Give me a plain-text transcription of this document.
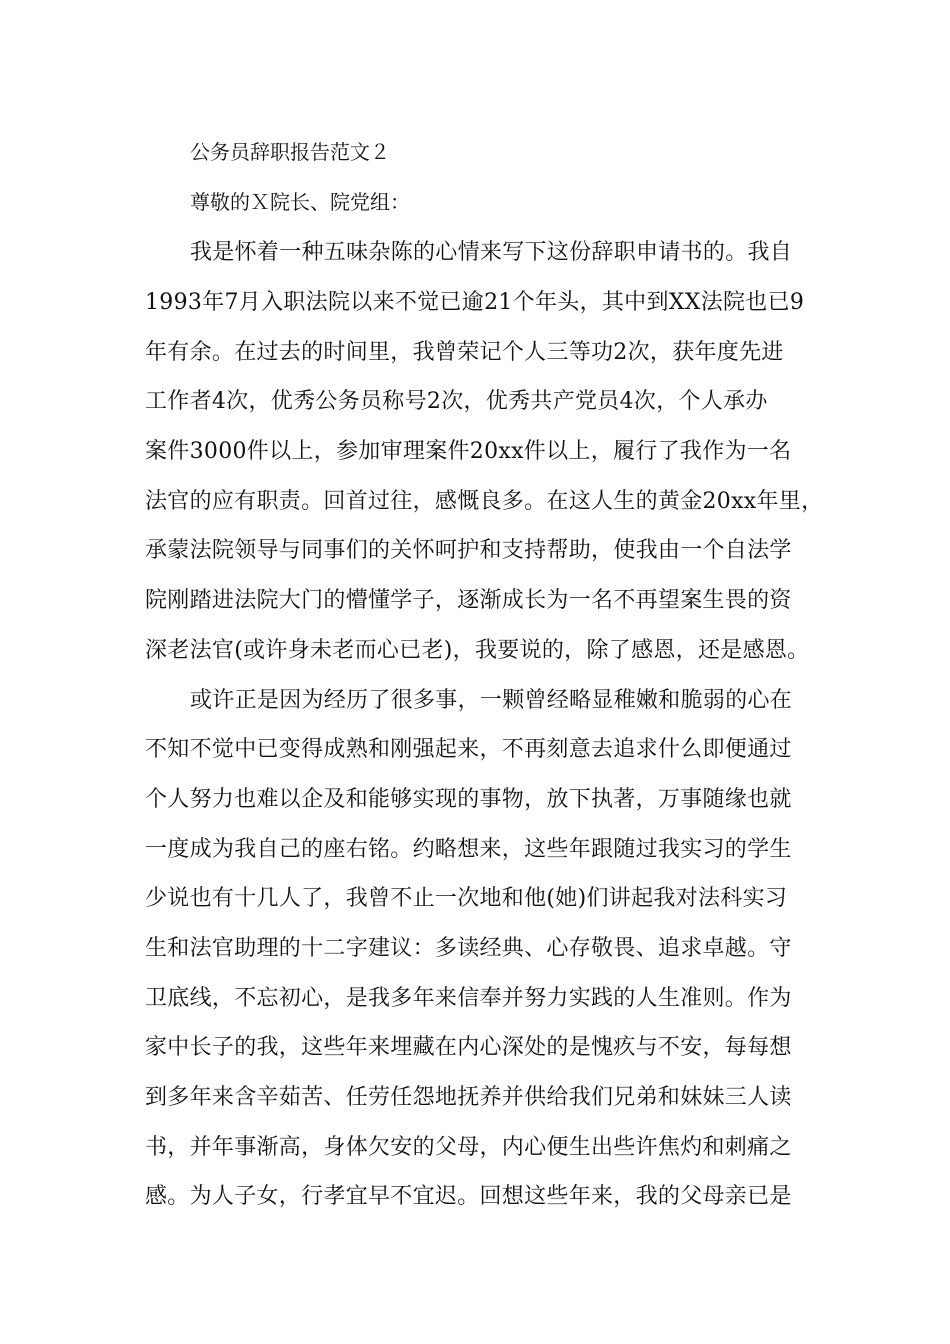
公务员辞职报告范文２
尊敬的Ｘ院长、院党组：
我是怀着一种五味杂陈的心情来写下这份辞职申请书的。我自
1993年7月入职法院以来不觉已逾21个年头，其中到XX法院也已9
年有余。在过去的时间里，我曾荣记个人三等功2次，获年度先进
工作者4次，优秀公务员称号2次，优秀共产党员4次，个人承办
案件3000件以上，参加审理案件20xx件以上，履行了我作为一名
法官的应有职责。回首过往，感慨良多。在这人生的黄金20xx年里，
承蒙法院领导与同事们的关怀呵护和支持帮助，使我由一个自法学
院刚踏进法院大门的懵懂学子，逐渐成长为一名不再望案生畏的资
深老法官(或许身未老而心已老)，我要说的，除了感恩，还是感恩。
或许正是因为经历了很多事，一颗曾经略显稚嫩和脆弱的心在
不知不觉中已变得成熟和刚强起来，不再刻意去追求什么即便通过
个人努力也难以企及和能够实现的事物，放下执著，万事随缘也就
一度成为我自己的座右铭。约略想来，这些年跟随过我实习的学生
少说也有十几人了，我曾不止一次地和他(她)们讲起我对法科实习
生和法官助理的十二字建议：多读经典、心存敬畏、追求卓越。守
卫底线，不忘初心，是我多年来信奉并努力实践的人生准则。作为
家中长子的我，这些年来埋藏在内心深处的是愧疚与不安，每每想
到多年来含辛茹苦、任劳任怨地抚养并供给我们兄弟和妹妹三人读
书，并年事渐高，身体欠安的父母，内心便生出些许焦灼和刺痛之
感。为人子女，行孝宜早不宜迟。回想这些年来，我的父母亲已是
